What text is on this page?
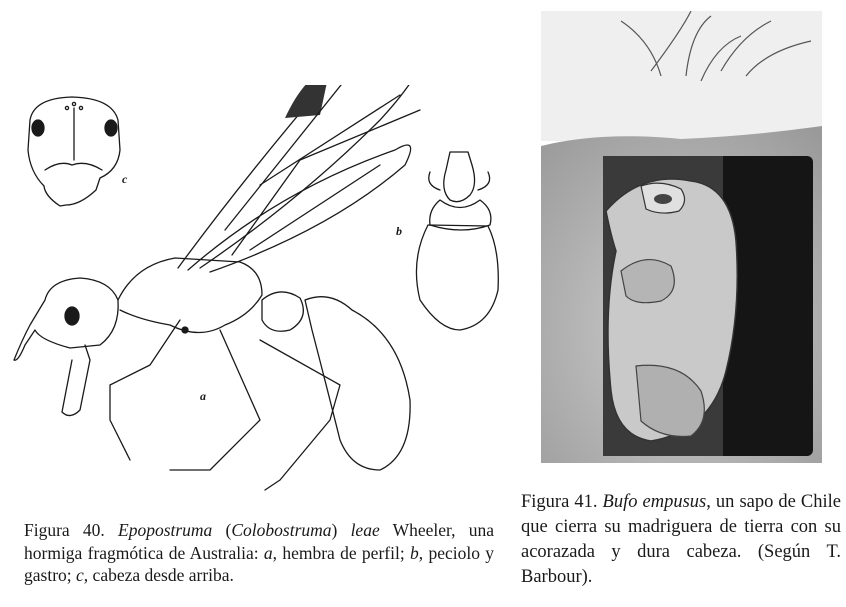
c
b
a
Figura 40. Epopostruma (Colobostruma) leae Wheeler, una hormiga fragmótica de Australia: a, hembra de perfil; b, peciolo y gastro; c, cabeza desde arriba.
Figura 41. Bufo empusus, un sapo de Chile que cierra su madriguera de tierra con su acorazada y dura cabeza. (Según T. Barbour).
